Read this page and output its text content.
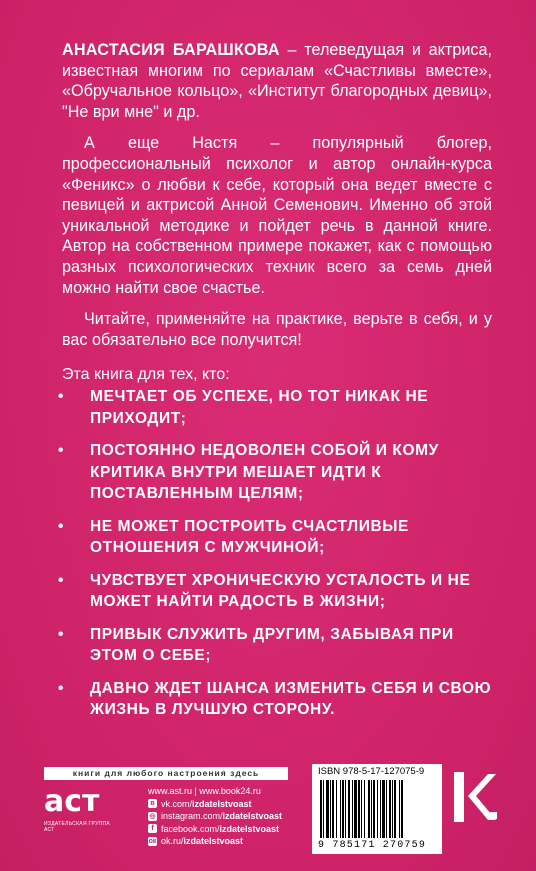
АНАСТАСИЯ БАРАШКОВА – телеведущая и актриса, известная многим по сериалам «Счастливы вместе», «Обручальное кольцо», «Институт благородных девиц», "Не ври мне" и др.

А еще Настя – популярный блогер, профессиональный психолог и автор онлайн-курса «Феникс» о любви к себе, который она ведет вместе с певицей и актрисой Анной Семенович. Именно об этой уникальной методике и пойдет речь в данной книге. Автор на собственном примере покажет, как с помощью разных психологических техник всего за семь дней можно найти свое счастье.

Читайте, применяйте на практике, верьте в себя, и у вас обязательно все получится!

Эта книга для тех, кто:
• МЕЧТАЕТ ОБ УСПЕХЕ, НО ТОТ НИКАК НЕ ПРИХОДИТ;
• ПОСТОЯННО НЕДОВОЛЕН СОБОЙ И КОМУ КРИТИКА ВНУТРИ МЕШАЕТ ИДТИ К ПОСТАВЛЕННЫМ ЦЕЛЯМ;
• НЕ МОЖЕТ ПОСТРОИТЬ СЧАСТЛИВЫЕ ОТНОШЕНИЯ С МУЖЧИНОЙ;
• ЧУВСТВУЕТ ХРОНИЧЕСКУЮ УСТАЛОСТЬ И НЕ МОЖЕТ НАЙТИ РАДОСТЬ В ЖИЗНИ;
• ПРИВЫК СЛУЖИТЬ ДРУГИМ, ЗАБЫВАЯ ПРИ ЭТОМ О СЕБЕ;
• ДАВНО ЖДЕТ ШАНСА ИЗМЕНИТЬ СЕБЯ И СВОЮ ЖИЗНЬ В ЛУЧШУЮ СТОРОНУ.
книги для любого настроения здесь
аст
ИЗДАТЕЛЬСКАЯ ГРУППА АСТ
www.ast.ru | www.book24.ru
в vk.com/ izdatelstvoast
◎ instagram.com/ izdatelstvoast
f facebook.com/ izdatelstvoast
ок ok.ru/ izdatelstvoast
ISBN 978-5-17-127075-9
9 785171 270759
